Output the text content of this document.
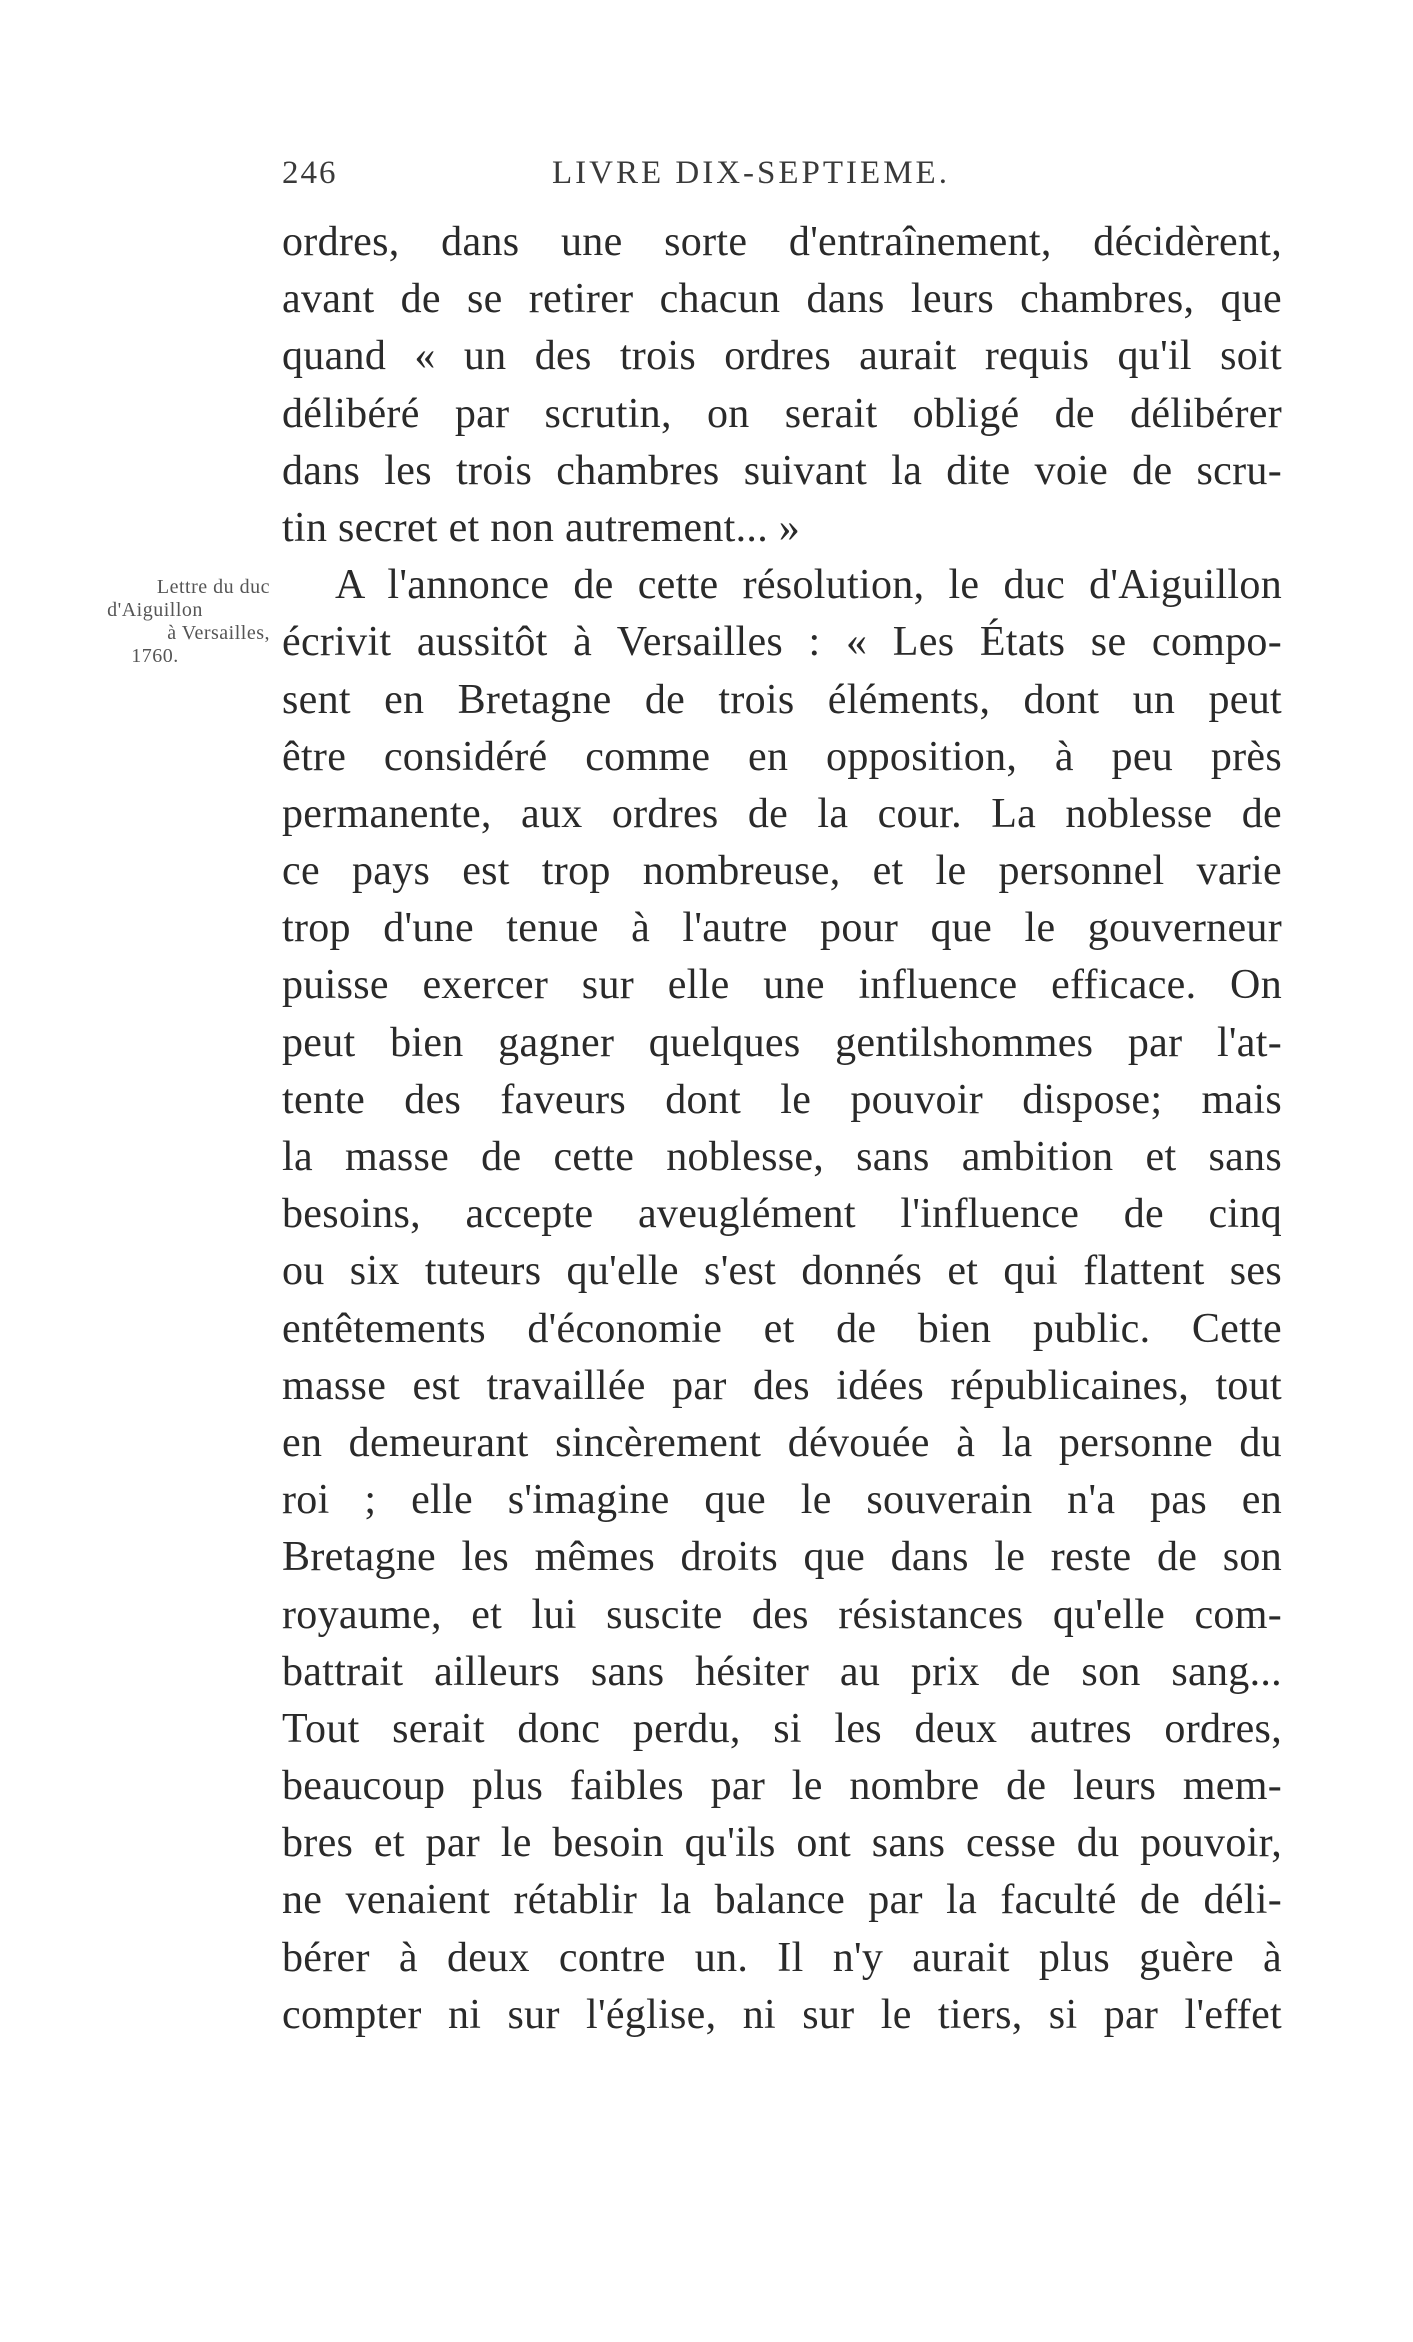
246	LIVRE DIX-SEPTIEME.
Lettre du duc
d'Aiguillon
à Versailles,
1760.
ordres, dans une sorte d'entraînement, décidèrent,
avant de se retirer chacun dans leurs chambres, que
quand « un des trois ordres aurait requis qu'il soit
délibéré par scrutin, on serait obligé de délibérer
dans les trois chambres suivant la dite voie de scru-
tin secret et non autrement... »
A l'annonce de cette résolution, le duc d'Aiguillon
écrivit aussitôt à Versailles : « Les États se compo-
sent en Bretagne de trois éléments, dont un peut
être considéré comme en opposition, à peu près
permanente, aux ordres de la cour. La noblesse de
ce pays est trop nombreuse, et le personnel varie
trop d'une tenue à l'autre pour que le gouverneur
puisse exercer sur elle une influence efficace. On
peut bien gagner quelques gentilshommes par l'at-
tente des faveurs dont le pouvoir dispose; mais
la masse de cette noblesse, sans ambition et sans
besoins, accepte aveuglément l'influence de cinq
ou six tuteurs qu'elle s'est donnés et qui flattent ses
entêtements d'économie et de bien public. Cette
masse est travaillée par des idées républicaines, tout
en demeurant sincèrement dévouée à la personne du
roi ; elle s'imagine que le souverain n'a pas en
Bretagne les mêmes droits que dans le reste de son
royaume, et lui suscite des résistances qu'elle com-
battrait ailleurs sans hésiter au prix de son sang...
Tout serait donc perdu, si les deux autres ordres,
beaucoup plus faibles par le nombre de leurs mem-
bres et par le besoin qu'ils ont sans cesse du pouvoir,
ne venaient rétablir la balance par la faculté de déli-
bérer à deux contre un. Il n'y aurait plus guère à
compter ni sur l'église, ni sur le tiers, si par l'effet
